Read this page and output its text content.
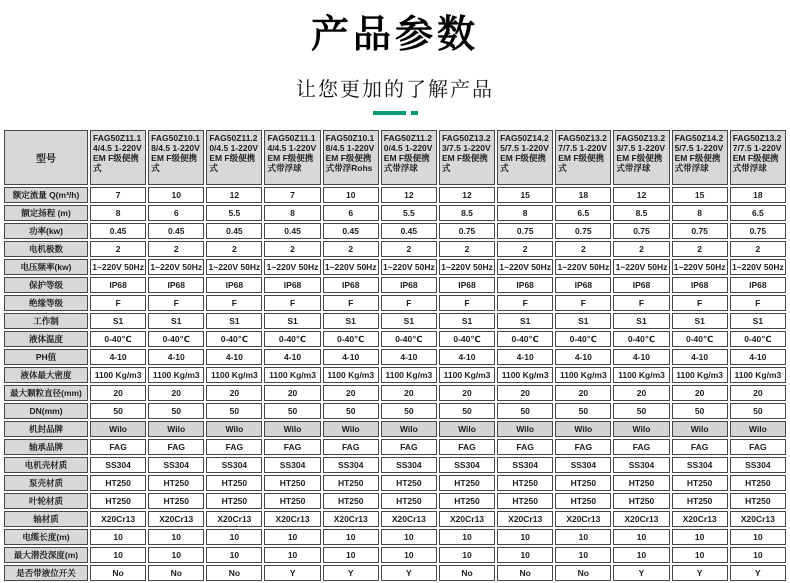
产品参数
让您更加的了解产品
型号	FAG50Z11.14/4.5 1-220V EM F级便携式	FAG50Z10.18/4.5 1-220V EM F级便携式	FAG50Z11.20/4.5 1-220V EM F级便携式	FAG50Z11.14/4.5 1-220V EM F级便携式带浮球	FAG50Z10.18/4.5 1-220V EM F级便携式带浮Rohs	FAG50Z11.20/4.5 1-220V EM F级便携式带浮球	FAG50Z13.23/7.5 1-220V EM F级便携式	FAG50Z14.25/7.5 1-220V EM F级便携式	FAG50Z13.27/7.5 1-220V EM F级便携式	FAG50Z13.23/7.5 1-220V EM F级便携式带浮球	FAG50Z14.25/7.5 1-220V EM F级便携式带浮球	FAG50Z13.27/7.5 1-220V EM F级便携式带浮球
额定流量 Q(m³/h)	7	10	12	7	10	12	12	15	18	12	15	18
额定扬程 (m)	8	6	5.5	8	6	5.5	8.5	8	6.5	8.5	8	6.5
功率(kw)	0.45	0.45	0.45	0.45	0.45	0.45	0.75	0.75	0.75	0.75	0.75	0.75
电机极数	2	2	2	2	2	2	2	2	2	2	2	2
电压频率(kw)	1~220V 50Hz	1~220V 50Hz	1~220V 50Hz	1~220V 50Hz	1~220V 50Hz	1~220V 50Hz	1~220V 50Hz	1~220V 50Hz	1~220V 50Hz	1~220V 50Hz	1~220V 50Hz	1~220V 50Hz
保护等级	IP68	IP68	IP68	IP68	IP68	IP68	IP68	IP68	IP68	IP68	IP68	IP68
绝缘等级	F	F	F	F	F	F	F	F	F	F	F	F
工作制	S1	S1	S1	S1	S1	S1	S1	S1	S1	S1	S1	S1
液体温度	0-40℃	0-40℃	0-40℃	0-40℃	0-40℃	0-40℃	0-40℃	0-40℃	0-40℃	0-40℃	0-40℃	0-40℃
PH值	4-10	4-10	4-10	4-10	4-10	4-10	4-10	4-10	4-10	4-10	4-10	4-10
液体最大密度	1100 Kg/m3	1100 Kg/m3	1100 Kg/m3	1100 Kg/m3	1100 Kg/m3	1100 Kg/m3	1100 Kg/m3	1100 Kg/m3	1100 Kg/m3	1100 Kg/m3	1100 Kg/m3	1100 Kg/m3
最大颗粒直径(mm)	20	20	20	20	20	20	20	20	20	20	20	20
DN(mm)	50	50	50	50	50	50	50	50	50	50	50	50
机封品牌	Wilo	Wilo	Wilo	Wilo	Wilo	Wilo	Wilo	Wilo	Wilo	Wilo	Wilo	Wilo
轴承品牌	FAG	FAG	FAG	FAG	FAG	FAG	FAG	FAG	FAG	FAG	FAG	FAG
电机壳材质	SS304	SS304	SS304	SS304	SS304	SS304	SS304	SS304	SS304	SS304	SS304	SS304
泵壳材质	HT250	HT250	HT250	HT250	HT250	HT250	HT250	HT250	HT250	HT250	HT250	HT250
叶轮材质	HT250	HT250	HT250	HT250	HT250	HT250	HT250	HT250	HT250	HT250	HT250	HT250
轴材质	X20Cr13	X20Cr13	X20Cr13	X20Cr13	X20Cr13	X20Cr13	X20Cr13	X20Cr13	X20Cr13	X20Cr13	X20Cr13	X20Cr13
电缆长度(m)	10	10	10	10	10	10	10	10	10	10	10	10
最大潜没深度(m)	10	10	10	10	10	10	10	10	10	10	10	10
是否带液位开关	No	No	No	Y	Y	Y	No	No	No	Y	Y	Y
